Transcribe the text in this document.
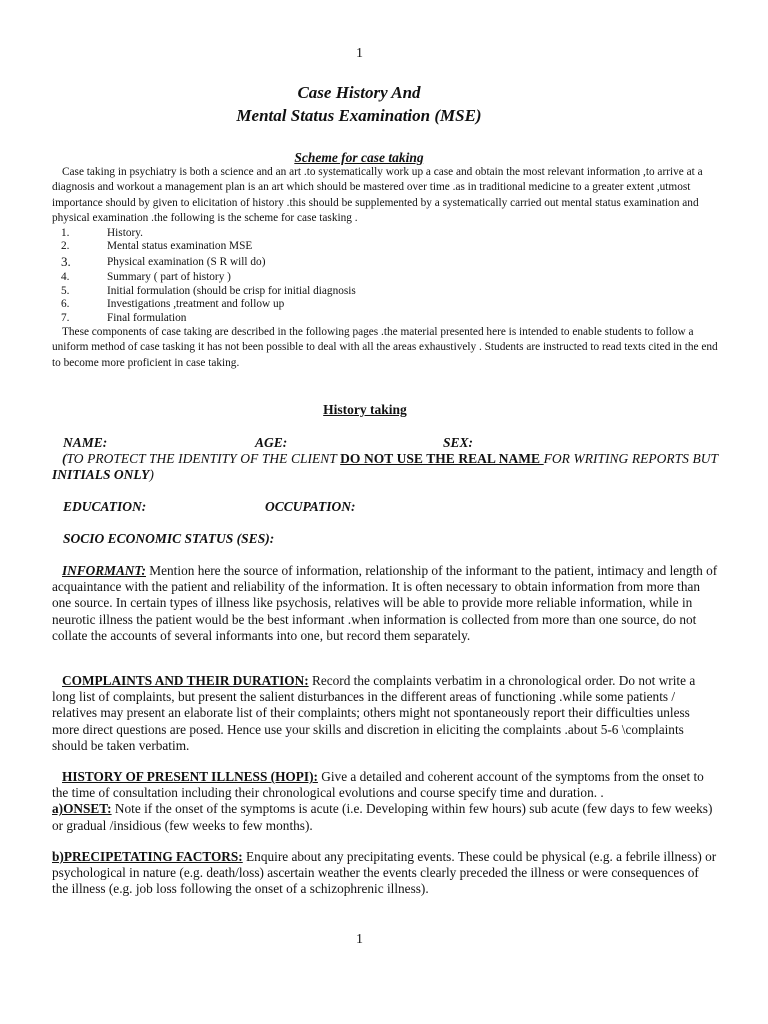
1
Case History And
Mental Status Examination (MSE)
Scheme for case taking

Case taking in psychiatry is both a science and an art .to systematically work up a case and obtain the most relevant information ,to arrive at a diagnosis and workout a management plan is an art which should be mastered over time .as in traditional medicine to a greater extent ,utmost importance should by given to elicitation of history .this should be supplemented by a systematically carried out mental status examination and physical examination .the following is the scheme for case tasking .

1.	History.
2.	Mental status examination MSE
3.	Physical examination (S R will do)
4.	Summary ( part of history )
5.	Initial formulation (should be crisp for initial diagnosis
6.	Investigations ,treatment and follow up
7.	Final formulation

These components of case taking are described in the following pages .the material presented here is intended to enable students to follow a uniform method of case tasking it has not been possible to deal with all the areas exhaustively . Students are instructed to read texts cited in the end to become more proficient in case taking.

History taking
NAME:	AGE:	SEX:
(TO PROTECT THE IDENTITY OF THE CLIENT DO NOT USE THE REAL NAME FOR WRITING REPORTS BUT INITIALS ONLY)
EDUCATION:	OCCUPATION:
SOCIO ECONOMIC STATUS (SES):

INFORMANT: Mention here the source of information, relationship of the informant to the patient, intimacy and length of acquaintance with the patient and reliability of the information. It is often necessary to obtain information from more than one source. In certain types of illness like psychosis, relatives will be able to provide more reliable information, while in neurotic illness the patient would be the best informant .when information is collected from more than one source, do not collate the accounts of several informants into one, but record them separately.

COMPLAINTS AND THEIR DURATION: Record the complaints verbatim in a chronological order. Do not write a long list of complaints, but present the salient disturbances in the different areas of functioning .while some patients / relatives may present an elaborate list of their complaints; others might not spontaneously report their difficulties unless more direct questions are posed. Hence use your skills and discretion in eliciting the complaints .about 5-6 \complaints should be taken verbatim.

HISTORY OF PRESENT ILLNESS (HOPI): Give a detailed and coherent account of the symptoms from the onset to the time of consultation including their chronological evolutions and course specify time and duration. .

a)ONSET: Note if the onset of the symptoms is acute (i.e. Developing within few hours) sub acute (few days to few weeks) or gradual /insidious (few weeks to few months).

b)PRECIPETATING FACTORS: Enquire about any precipitating events. These could be physical (e.g. a febrile illness) or psychological in nature (e.g. death/loss) ascertain weather the events clearly preceded the illness or were consequences of the illness (e.g. job loss following the onset of a schizophrenic illness).

1
